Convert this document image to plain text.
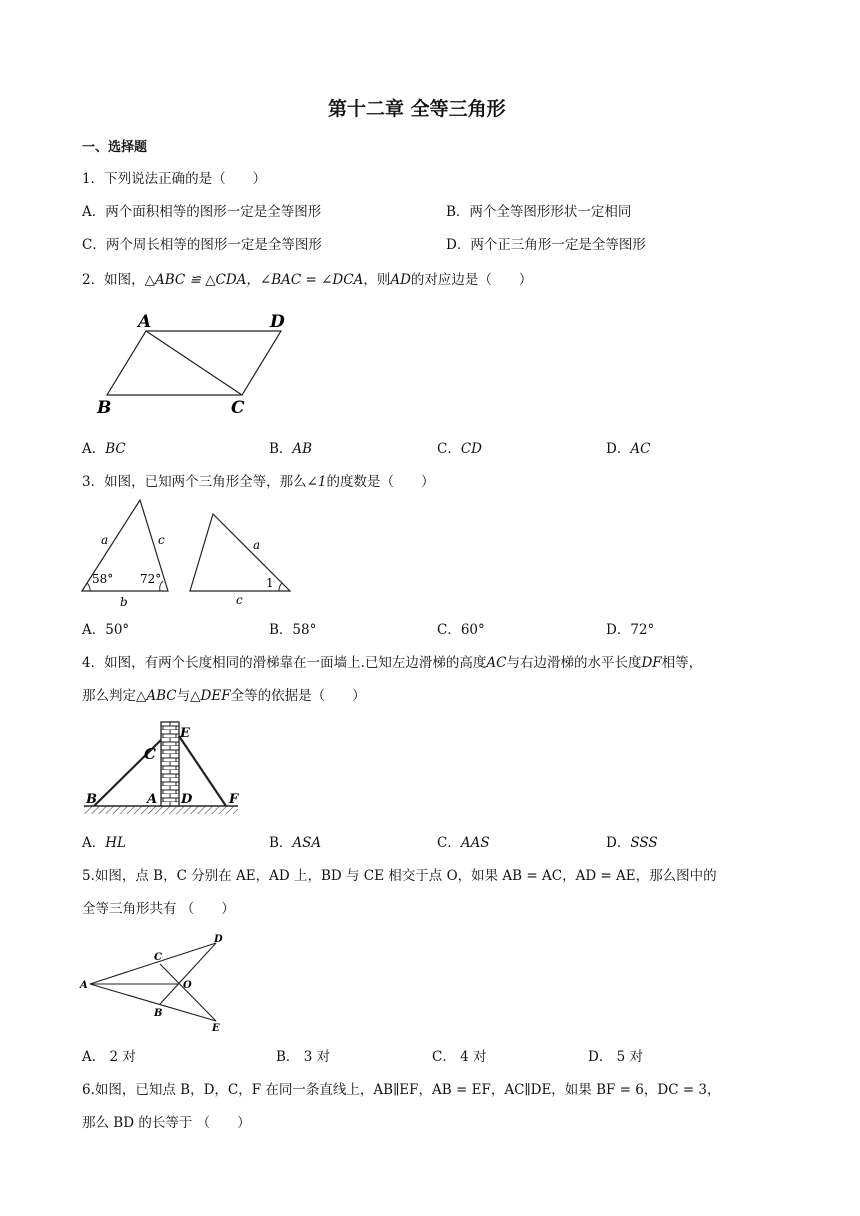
第十二章 全等三角形
一、选择题
1．下列说法正确的是（　　）
A．两个面积相等的图形一定是全等图形	B．两个全等图形形状一定相同
C．两个周长相等的图形一定是全等图形	D．两个正三角形一定是全等图形
2．如图，△ABC ≌ △CDA，∠BAC = ∠DCA，则AD的对应边是（　　）
A	D
B	C
A．BC	B．AB	C．CD	D．AC
3．如图，已知两个三角形全等，那么∠1的度数是（　　）
a	c
58° 72°
b
a
c
1
A．50°	B．58°	C．60°	D．72°
4．如图，有两个长度相同的滑梯靠在一面墙上.已知左边滑梯的高度AC与右边滑梯的水平长度DF相等，
那么判定△ABC与△DEF全等的依据是（　　）
C
E
B	A D	F
A．HL	B．ASA	C．AAS	D．SSS
5.如图，点 B，C 分别在 AE，AD 上，BD 与 CE 相交于点 O，如果 AB = AC，AD = AE，那么图中的
全等三角形共有 （　　）
A
C
B
O
D
E
A． 2 对	B． 3 对	C． 4 对	D． 5 对
6.如图，已知点 B，D，C，F 在同一条直线上，AB∥EF，AB = EF，AC∥DE，如果 BF = 6，DC = 3，
那么 BD 的长等于 （　　）
